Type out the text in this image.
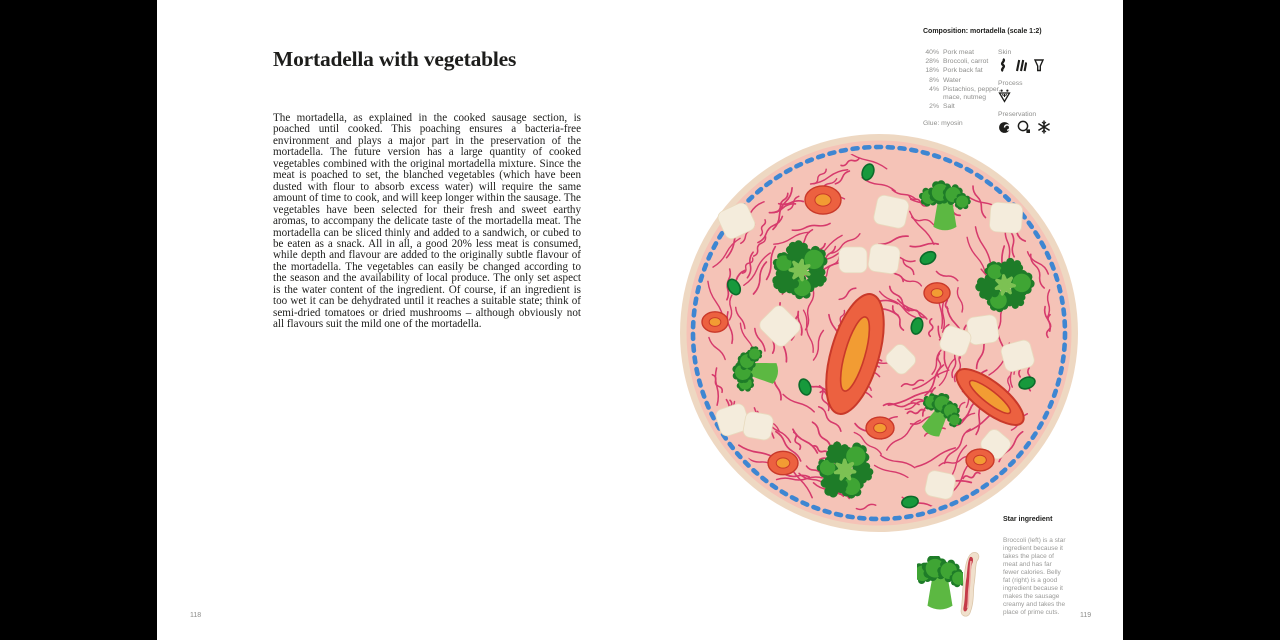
Mortadella with vegetables
The mortadella, as explained in the cooked sausage section, is poached until cooked. This poaching ensures a bacteria-free environment and plays a major part in the preservation of the mortadella. The future version has a large quantity of cooked vegetables combined with the original mortadella mixture. Since the meat is poached to set, the blanched vegetables (which have been dusted with flour to absorb excess water) will require the same amount of time to cook, and will keep longer within the sausage. The vegetables have been selected for their fresh and sweet earthy aromas, to accompany the delicate taste of the mortadella meat. The mortadella can be sliced thinly and added to a sandwich, or cubed to be eaten as a snack. All in all, a good 20% less meat is consumed, while depth and flavour are added to the originally subtle flavour of the mortadella. The vegetables can easily be changed according to the season and the availability of local produce. The only set aspect is the water content of the ingredient. Of course, if an ingredient is too wet it can be dehydrated until it reaches a suitable state; think of semi-dried tomatoes or dried mushrooms – although obviously not all flavours suit the mild one of the mortadella.
118
Composition: mortadella (scale 1:2)
40% Pork meat
28% Broccoli, carrot
18% Pork back fat
8% Water
4% Pistachios, pepper,
mace, nutmeg
2% Salt
Glue: myosin
Skin
Process
Preservation
Star ingredient
Broccoli (left) is a star ingredient because it takes the place of meat and has far fewer calories. Belly fat (right) is a good ingredient because it makes the sausage creamy and takes the place of prime cuts.	119
